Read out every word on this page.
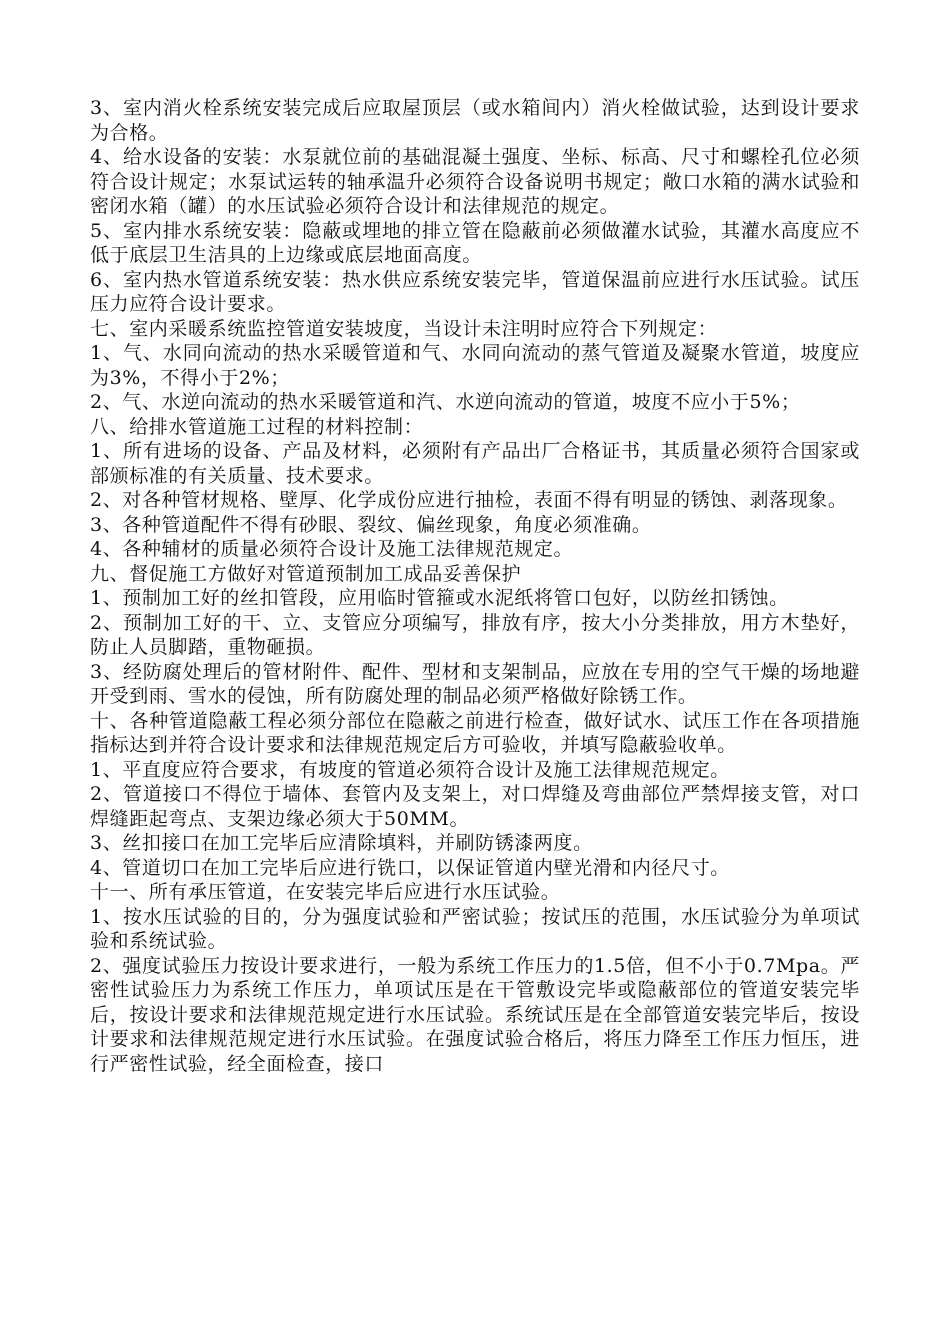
3、室内消火栓系统安装完成后应取屋顶层（或水箱间内）消火栓做试验，达到设计要求为合格。

4、给水设备的安装：水泵就位前的基础混凝土强度、坐标、标高、尺寸和螺栓孔位必须符合设计规定；水泵试运转的轴承温升必须符合设备说明书规定；敞口水箱的满水试验和密闭水箱（罐）的水压试验必须符合设计和法律规范的规定。

5、室内排水系统安装：隐蔽或埋地的排立管在隐蔽前必须做灌水试验，其灌水高度应不低于底层卫生洁具的上边缘或底层地面高度。

6、室内热水管道系统安装：热水供应系统安装完毕，管道保温前应进行水压试验。试压压力应符合设计要求。

七、室内采暖系统监控管道安装坡度，当设计未注明时应符合下列规定：

1、气、水同向流动的热水采暖管道和气、水同向流动的蒸气管道及凝聚水管道，坡度应为3%，不得小于2%；

2、气、水逆向流动的热水采暖管道和汽、水逆向流动的管道，坡度不应小于5%；

八、给排水管道施工过程的材料控制：

1、所有进场的设备、产品及材料，必须附有产品出厂合格证书，其质量必须符合国家或部颁标准的有关质量、技术要求。

2、对各种管材规格、壁厚、化学成份应进行抽检，表面不得有明显的锈蚀、剥落现象。

3、各种管道配件不得有砂眼、裂纹、偏丝现象，角度必须准确。

4、各种辅材的质量必须符合设计及施工法律规范规定。

九、督促施工方做好对管道预制加工成品妥善保护

1、预制加工好的丝扣管段，应用临时管箍或水泥纸将管口包好，以防丝扣锈蚀。

2、预制加工好的干、立、支管应分项编写，排放有序，按大小分类排放，用方木垫好，防止人员脚踏，重物砸损。

3、经防腐处理后的管材附件、配件、型材和支架制品，应放在专用的空气干燥的场地避开受到雨、雪水的侵蚀，所有防腐处理的制品必须严格做好除锈工作。

十、各种管道隐蔽工程必须分部位在隐蔽之前进行检查，做好试水、试压工作在各项措施指标达到并符合设计要求和法律规范规定后方可验收，并填写隐蔽验收单。

1、平直度应符合要求，有坡度的管道必须符合设计及施工法律规范规定。

2、管道接口不得位于墙体、套管内及支架上，对口焊缝及弯曲部位严禁焊接支管，对口焊缝距起弯点、支架边缘必须大于50MM。

3、丝扣接口在加工完毕后应清除填料，并刷防锈漆两度。

4、管道切口在加工完毕后应进行铣口，以保证管道内壁光滑和内径尺寸。

十一、所有承压管道，在安装完毕后应进行水压试验。

1、按水压试验的目的，分为强度试验和严密试验；按试压的范围，水压试验分为单项试验和系统试验。

2、强度试验压力按设计要求进行，一般为系统工作压力的1.5倍，但不小于0.7Mpa。严密性试验压力为系统工作压力，单项试压是在干管敷设完毕或隐蔽部位的管道安装完毕后，按设计要求和法律规范规定进行水压试验。系统试压是在全部管道安装完毕后，按设计要求和法律规范规定进行水压试验。在强度试验合格后，将压力降至工作压力恒压，进行严密性试验，经全面检查，接口
